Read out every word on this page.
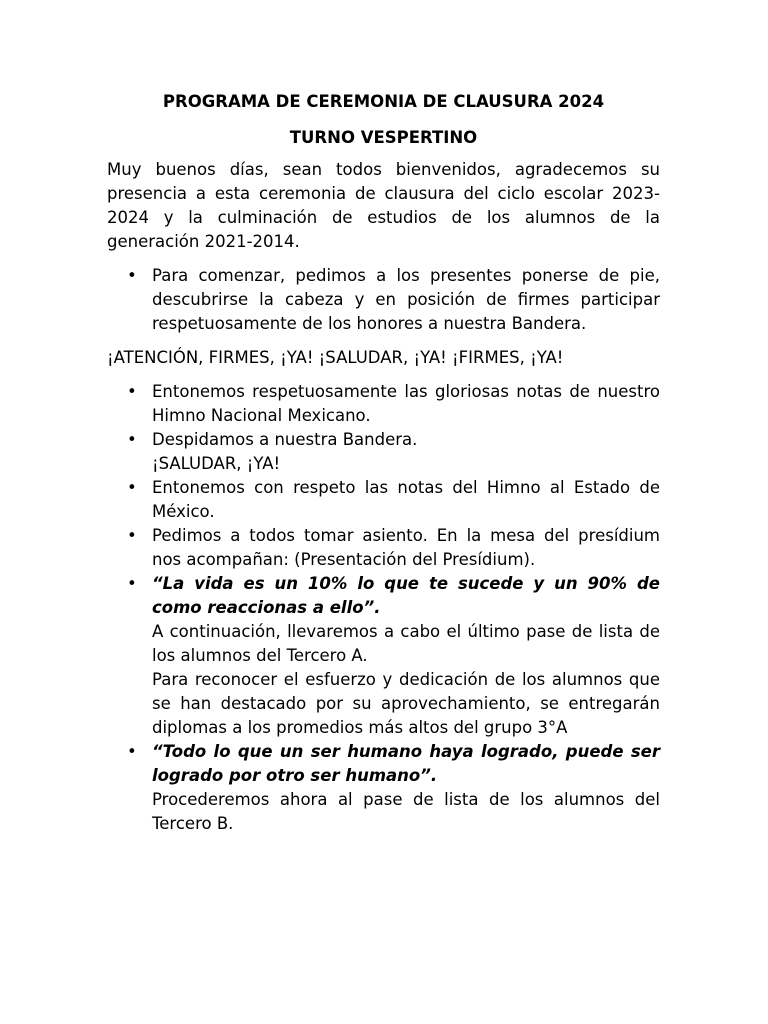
PROGRAMA DE CEREMONIA DE CLAUSURA 2024

TURNO VESPERTINO

Muy buenos días, sean todos bienvenidos, agradecemos su presencia a esta ceremonia de clausura del ciclo escolar 2023-2024 y la culminación de estudios de los alumnos de la generación 2021-2014.

• Para comenzar, pedimos a los presentes ponerse de pie, descubrirse la cabeza y en posición de firmes participar respetuosamente de los honores a nuestra Bandera.

¡ATENCIÓN, FIRMES, ¡YA! ¡SALUDAR, ¡YA! ¡FIRMES, ¡YA!

• Entonemos respetuosamente las gloriosas notas de nuestro Himno Nacional Mexicano.
• Despidamos a nuestra Bandera.
¡SALUDAR, ¡YA!
• Entonemos con respeto las notas del Himno al Estado de México.
• Pedimos a todos tomar asiento. En la mesa del presídium nos acompañan: (Presentación del Presídium).
• “La vida es un 10% lo que te sucede y un 90% de como reaccionas a ello”.
A continuación, llevaremos a cabo el último pase de lista de los alumnos del Tercero A.
Para reconocer el esfuerzo y dedicación de los alumnos que se han destacado por su aprovechamiento, se entregarán diplomas a los promedios más altos del grupo 3°A
• “Todo lo que un ser humano haya logrado, puede ser logrado por otro ser humano”.
Procederemos ahora al pase de lista de los alumnos del Tercero B.
